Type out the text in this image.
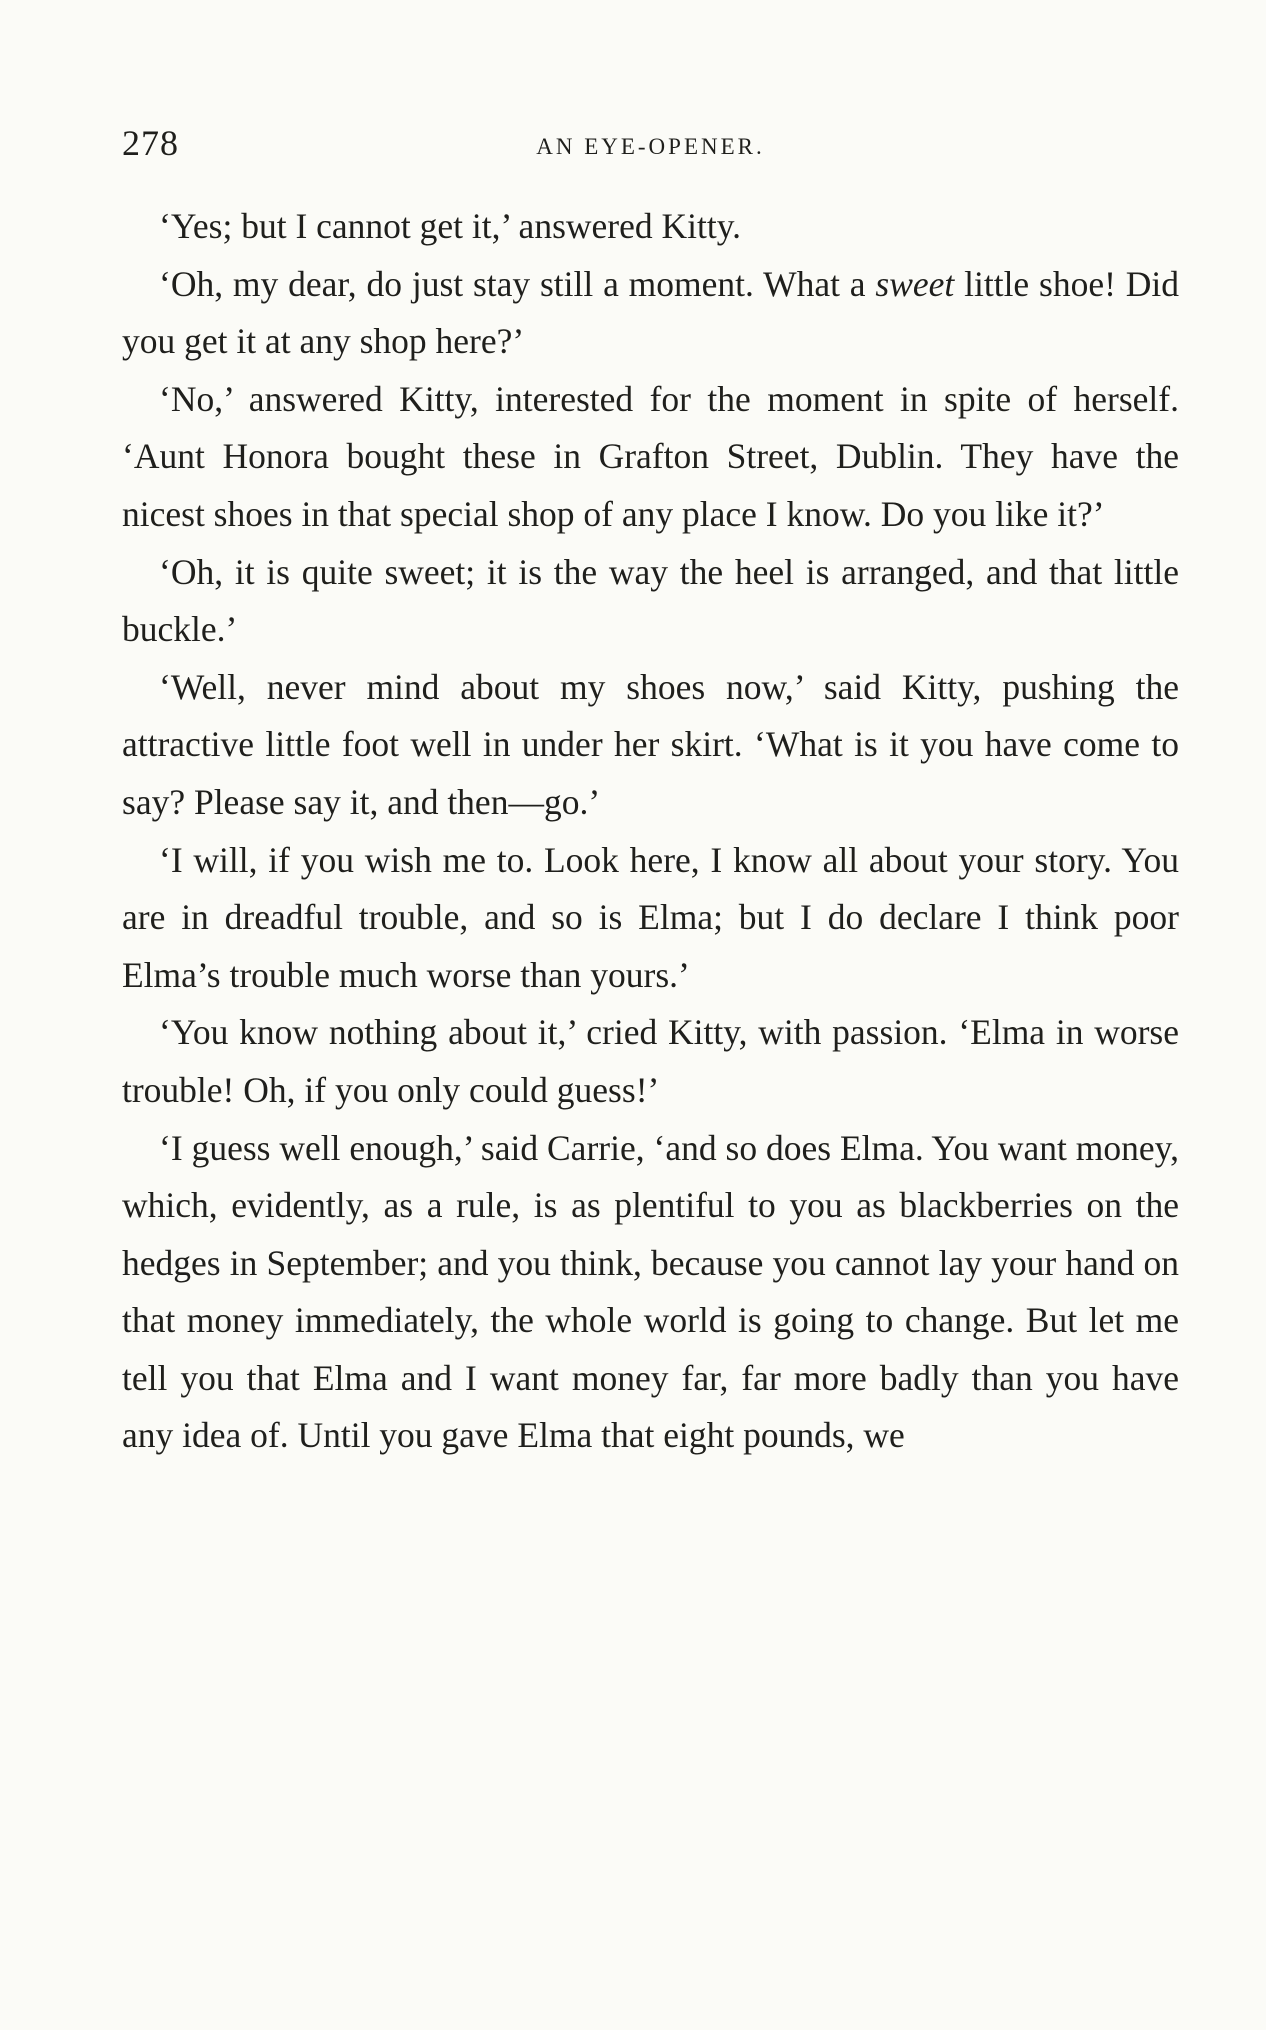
278	AN EYE-OPENER.

‘Yes; but I cannot get it,’ answered Kitty.

‘Oh, my dear, do just stay still a moment. What a sweet little shoe! Did you get it at any shop here?’

‘No,’ answered Kitty, interested for the moment in spite of herself. ‘Aunt Honora bought these in Grafton Street, Dublin. They have the nicest shoes in that special shop of any place I know. Do you like it?’

‘Oh, it is quite sweet; it is the way the heel is arranged, and that little buckle.’

‘Well, never mind about my shoes now,’ said Kitty, pushing the attractive little foot well in under her skirt. ‘What is it you have come to say? Please say it, and then—go.’

‘I will, if you wish me to. Look here, I know all about your story. You are in dreadful trouble, and so is Elma; but I do declare I think poor Elma’s trouble much worse than yours.’

‘You know nothing about it,’ cried Kitty, with passion. ‘Elma in worse trouble! Oh, if you only could guess!’

‘I guess well enough,’ said Carrie, ‘and so does Elma. You want money, which, evidently, as a rule, is as plentiful to you as blackberries on the hedges in September; and you think, because you cannot lay your hand on that money immediately, the whole world is going to change. But let me tell you that Elma and I want money far, far more badly than you have any idea of. Until you gave Elma that eight pounds, we
